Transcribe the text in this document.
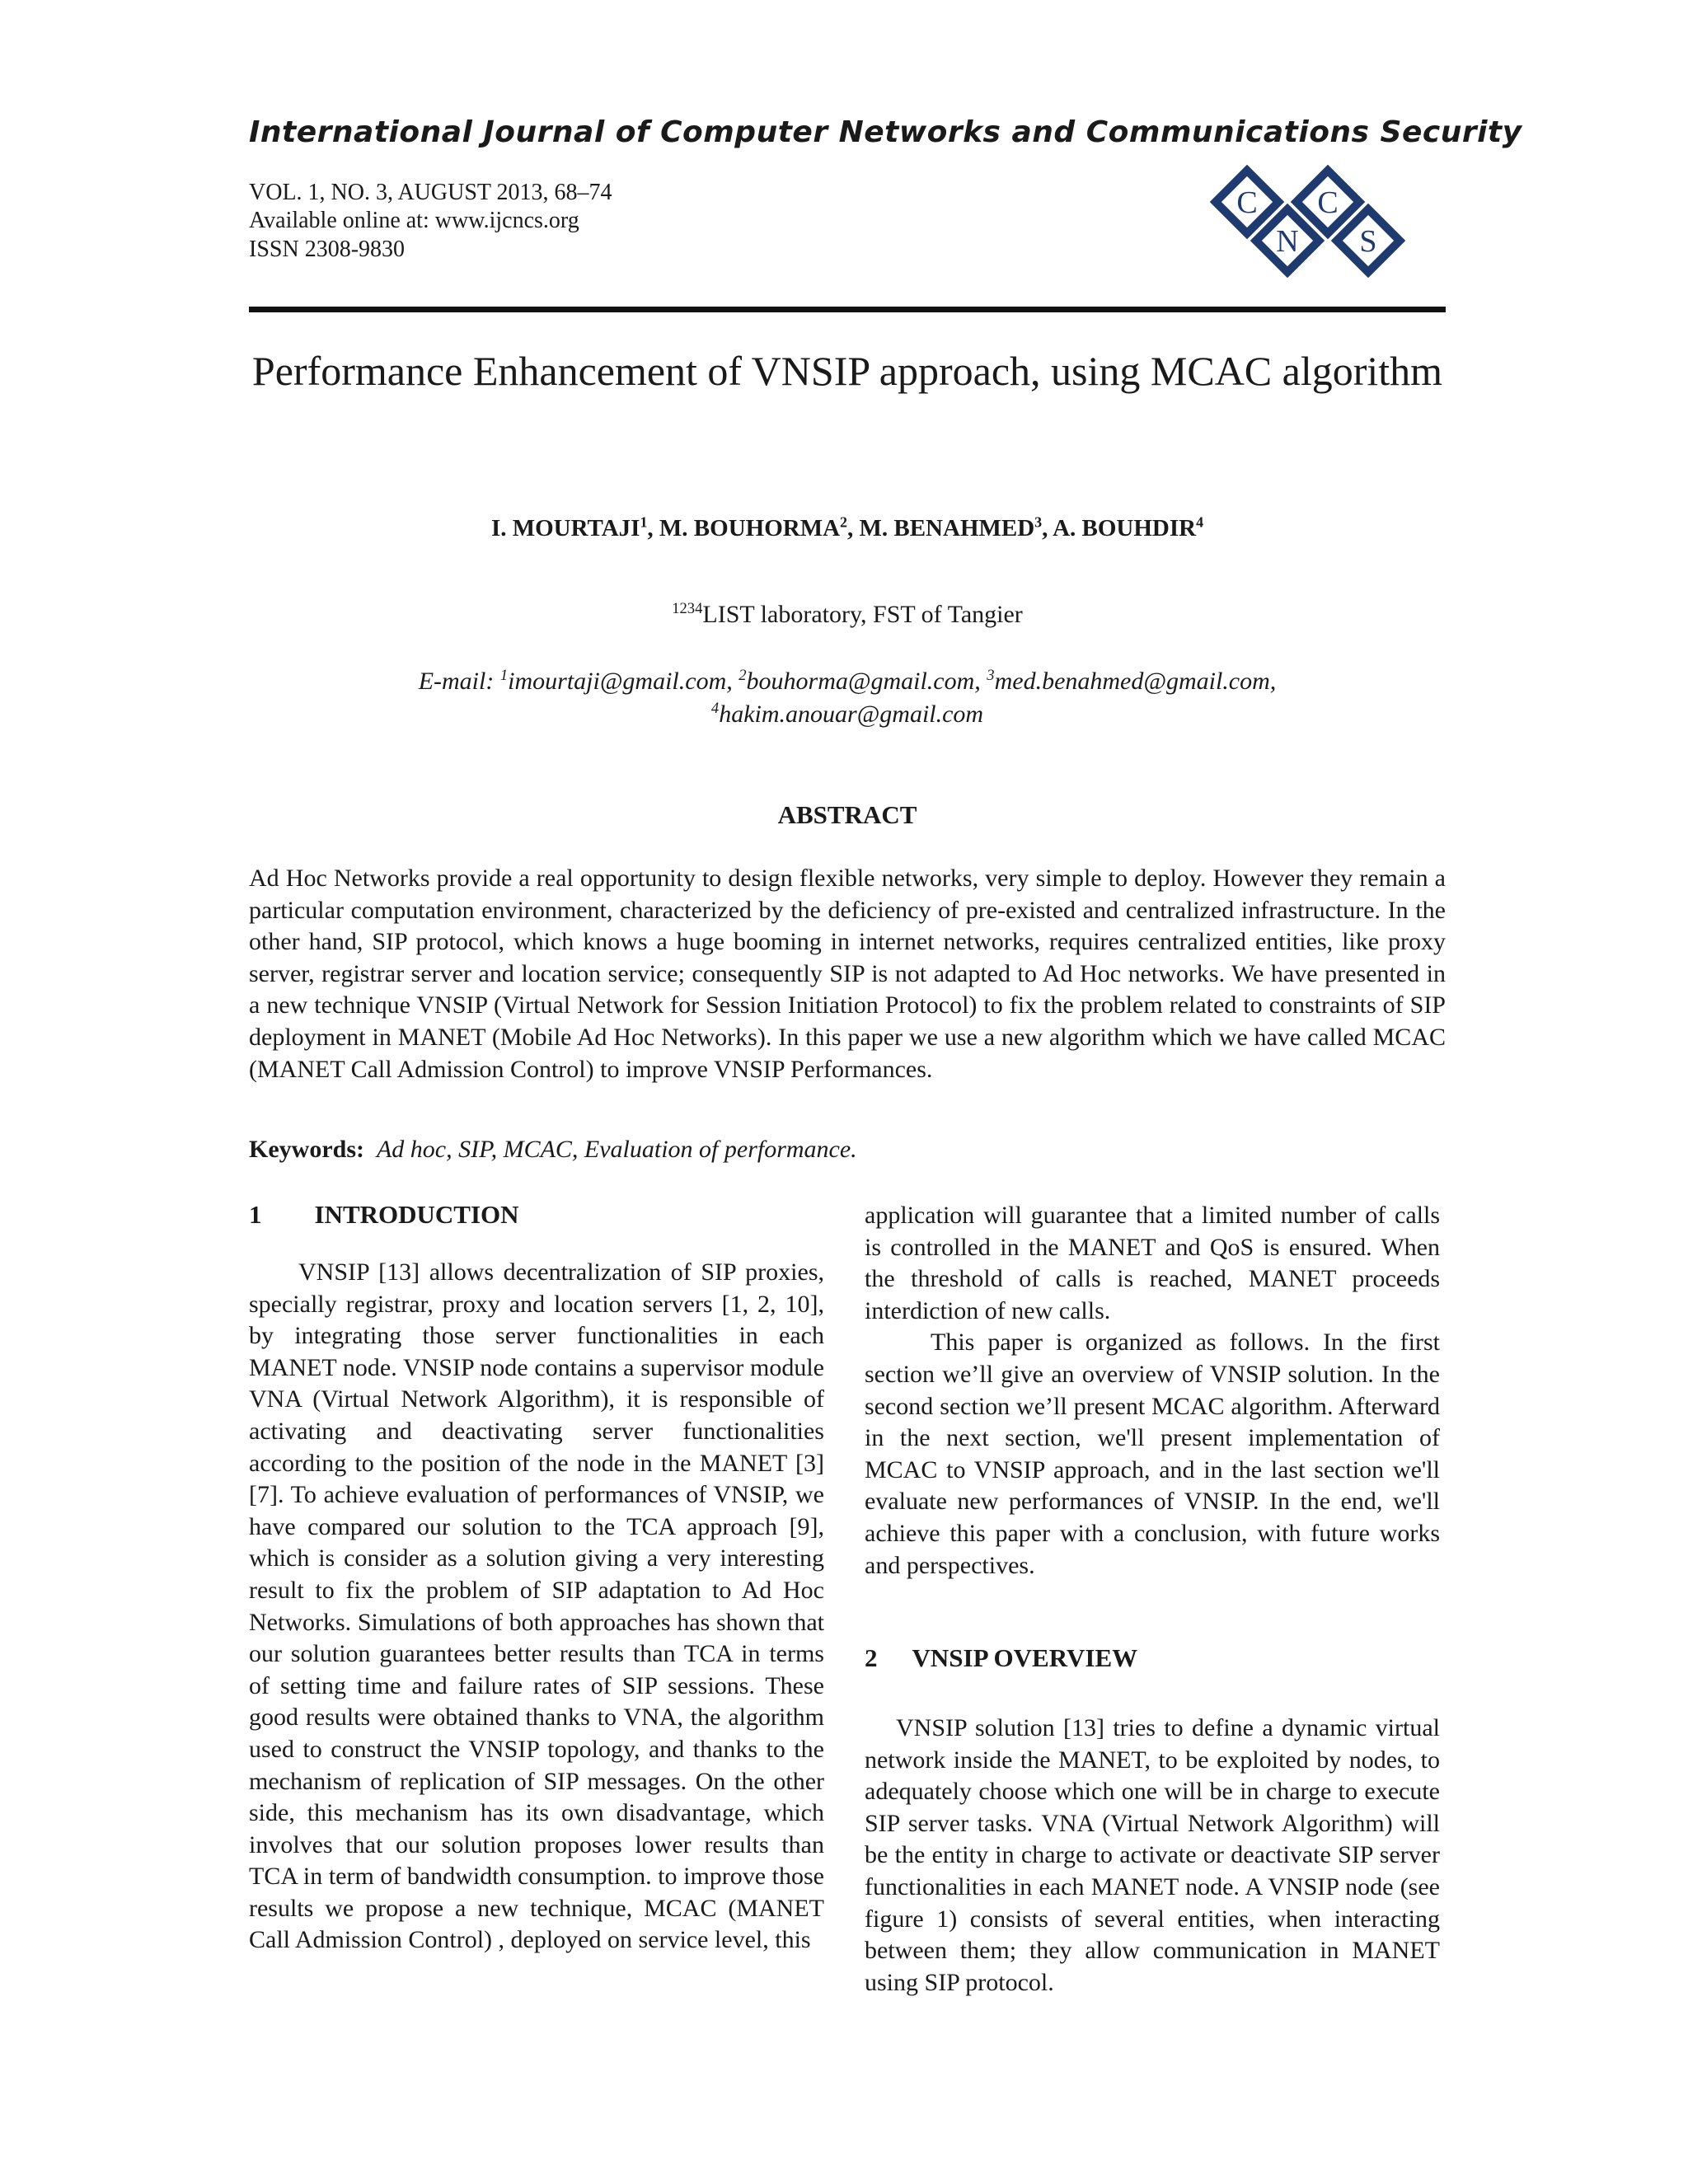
International Journal of Computer Networks and Communications Security
VOL. 1, NO. 3, AUGUST 2013, 68–74
Available online at: www.ijcncs.org
ISSN 2308-9830
C
N
C
S
Performance Enhancement of VNSIP approach, using MCAC algorithm
I. MOURTAJI$^1$, M. BOUHORMA$^2$, M. BENAHMED$^3$, A. BOUHDIR$^4$
$^{1234}$LIST laboratory, FST of Tangier
E-mail: $^1$imourtaji@gmail.com, $^2$bouhorma@gmail.com, $^3$med.benahmed@gmail.com,
$^4$hakim.anouar@gmail.com
ABSTRACT
Ad Hoc Networks provide a real opportunity to design flexible networks, very simple to deploy. However they remain a particular computation environment, characterized by the deficiency of pre-existed and centralized infrastructure. In the other hand, SIP protocol, which knows a huge booming in internet networks, requires centralized entities, like proxy server, registrar server and location service; consequently SIP is not adapted to Ad Hoc networks. We have presented in a new technique VNSIP (Virtual Network for Session Initiation Protocol) to fix the problem related to constraints of SIP deployment in MANET (Mobile Ad Hoc Networks). In this paper we use a new algorithm which we have called MCAC (MANET Call Admission Control) to improve VNSIP Performances.
Keywords: Ad hoc, SIP, MCAC, Evaluation of performance.
1 INTRODUCTION

VNSIP [13] allows decentralization of SIP proxies, specially registrar, proxy and location servers [1, 2, 10], by integrating those server functionalities in each MANET node. VNSIP node contains a supervisor module VNA (Virtual Network Algorithm), it is responsible of activating and deactivating server functionalities according to the position of the node in the MANET [3][7]. To achieve evaluation of performances of VNSIP, we have compared our solution to the TCA approach [9], which is consider as a solution giving a very interesting result to fix the problem of SIP adaptation to Ad Hoc Networks. Simulations of both approaches has shown that our solution guarantees better results than TCA in terms of setting time and failure rates of SIP sessions. These good results were obtained thanks to VNA, the algorithm used to construct the VNSIP topology, and thanks to the mechanism of replication of SIP messages. On the other side, this mechanism has its own disadvantage, which involves that our solution proposes lower results than TCA in term of bandwidth consumption. to improve those results we propose a new technique, MCAC (MANET Call Admission Control) , deployed on service level, this

application will guarantee that a limited number of calls is controlled in the MANET and QoS is ensured. When the threshold of calls is reached, MANET proceeds interdiction of new calls.

This paper is organized as follows. In the first section we’ll give an overview of VNSIP solution. In the second section we’ll present MCAC algorithm. Afterward in the next section, we'll present implementation of MCAC to VNSIP approach, and in the last section we'll evaluate new performances of VNSIP. In the end, we'll achieve this paper with a conclusion, with future works and perspectives.

2 VNSIP OVERVIEW

VNSIP solution [13] tries to define a dynamic virtual network inside the MANET, to be exploited by nodes, to adequately choose which one will be in charge to execute SIP server tasks. VNA (Virtual Network Algorithm) will be the entity in charge to activate or deactivate SIP server functionalities in each MANET node. A VNSIP node (see figure 1) consists of several entities, when interacting between them; they allow communication in MANET using SIP protocol.
